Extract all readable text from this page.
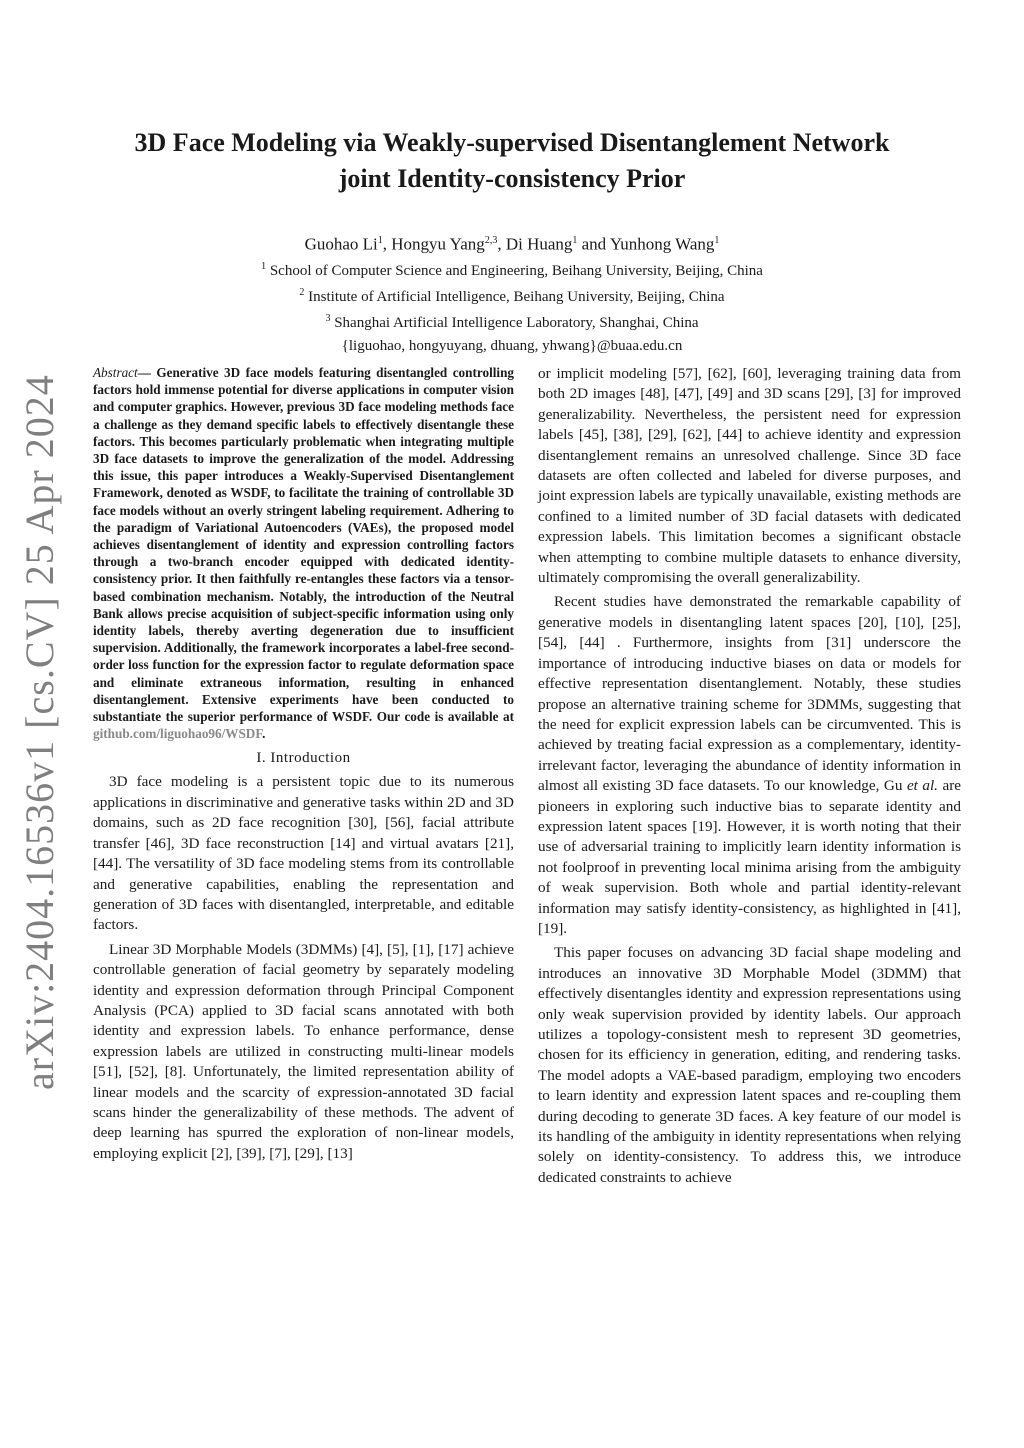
arXiv:2404.16536v1 [cs.CV] 25 Apr 2024
3D Face Modeling via Weakly-supervised Disentanglement Network
joint Identity-consistency Prior
Guohao Li$^1$, Hongyu Yang$^{2,3}$, Di Huang$^1$ and Yunhong Wang$^1$
$^1$ School of Computer Science and Engineering, Beihang University, Beijing, China
$^2$ Institute of Artificial Intelligence, Beihang University, Beijing, China
$^3$ Shanghai Artificial Intelligence Laboratory, Shanghai, China
{liguohao, hongyuyang, dhuang, yhwang}@buaa.edu.cn

Abstract— Generative 3D face models featuring disentangled controlling factors hold immense potential for diverse applications in computer vision and computer graphics. However, previous 3D face modeling methods face a challenge as they demand specific labels to effectively disentangle these factors. This becomes particularly problematic when integrating multiple 3D face datasets to improve the generalization of the model. Addressing this issue, this paper introduces a Weakly-Supervised Disentanglement Framework, denoted as WSDF, to facilitate the training of controllable 3D face models without an overly stringent labeling requirement. Adhering to the paradigm of Variational Autoencoders (VAEs), the proposed model achieves disentanglement of identity and expression controlling factors through a two-branch encoder equipped with dedicated identity-consistency prior. It then faithfully re-entangles these factors via a tensor-based combination mechanism. Notably, the introduction of the Neutral Bank allows precise acquisition of subject-specific information using only identity labels, thereby averting degeneration due to insufficient supervision. Additionally, the framework incorporates a label-free second-order loss function for the expression factor to regulate deformation space and eliminate extraneous information, resulting in enhanced disentanglement. Extensive experiments have been conducted to substantiate the superior performance of WSDF. Our code is available at github.com/liguohao96/WSDF.

I. Introduction

3D face modeling is a persistent topic due to its numerous applications in discriminative and generative tasks within 2D and 3D domains, such as 2D face recognition [30], [56], facial attribute transfer [46], 3D face reconstruction [14] and virtual avatars [21], [44]. The versatility of 3D face modeling stems from its controllable and generative capabilities, enabling the representation and generation of 3D faces with disentangled, interpretable, and editable factors.

Linear 3D Morphable Models (3DMMs) [4], [5], [1], [17] achieve controllable generation of facial geometry by separately modeling identity and expression deformation through Principal Component Analysis (PCA) applied to 3D facial scans annotated with both identity and expression labels. To enhance performance, dense expression labels are utilized in constructing multi-linear models [51], [52], [8]. Unfortunately, the limited representation ability of linear models and the scarcity of expression-annotated 3D facial scans hinder the generalizability of these methods. The advent of deep learning has spurred the exploration of non-linear models, employing explicit [2], [39], [7], [29], [13]

or implicit modeling [57], [62], [60], leveraging training data from both 2D images [48], [47], [49] and 3D scans [29], [3] for improved generalizability. Nevertheless, the persistent need for expression labels [45], [38], [29], [62], [44] to achieve identity and expression disentanglement remains an unresolved challenge. Since 3D face datasets are often collected and labeled for diverse purposes, and joint expression labels are typically unavailable, existing methods are confined to a limited number of 3D facial datasets with dedicated expression labels. This limitation becomes a significant obstacle when attempting to combine multiple datasets to enhance diversity, ultimately compromising the overall generalizability.

Recent studies have demonstrated the remarkable capability of generative models in disentangling latent spaces [20], [10], [25], [54], [44] . Furthermore, insights from [31] underscore the importance of introducing inductive biases on data or models for effective representation disentanglement. Notably, these studies propose an alternative training scheme for 3DMMs, suggesting that the need for explicit expression labels can be circumvented. This is achieved by treating facial expression as a complementary, identity-irrelevant factor, leveraging the abundance of identity information in almost all existing 3D face datasets. To our knowledge, Gu et al. are pioneers in exploring such inductive bias to separate identity and expression latent spaces [19]. However, it is worth noting that their use of adversarial training to implicitly learn identity information is not foolproof in preventing local minima arising from the ambiguity of weak supervision. Both whole and partial identity-relevant information may satisfy identity-consistency, as highlighted in [41], [19].

This paper focuses on advancing 3D facial shape modeling and introduces an innovative 3D Morphable Model (3DMM) that effectively disentangles identity and expression representations using only weak supervision provided by identity labels. Our approach utilizes a topology-consistent mesh to represent 3D geometries, chosen for its efficiency in generation, editing, and rendering tasks. The model adopts a VAE-based paradigm, employing two encoders to learn identity and expression latent spaces and re-coupling them during decoding to generate 3D faces. A key feature of our model is its handling of the ambiguity in identity representations when relying solely on identity-consistency. To address this, we introduce dedicated constraints to achieve
